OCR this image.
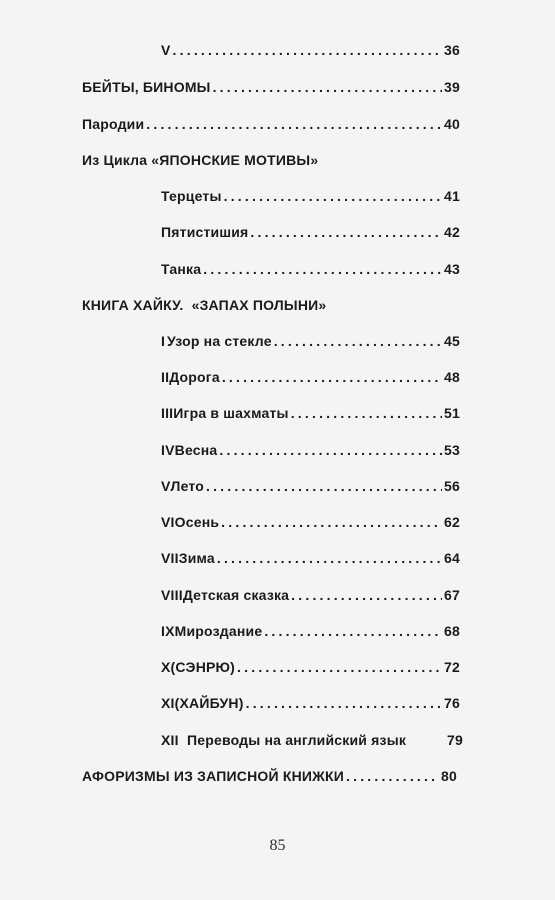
V .....	36
БЕЙТЫ, БИНОМЫ .....	39
Пародии .....	40
Из Цикла «ЯПОНСКИЕ МОТИВЫ»
Терцеты .....	41
Пятистишия .....	42
Танка .....	43
КНИГА ХАЙКУ.  «ЗАПАХ ПОЛЫНИ»
I Узор на стекле .....	45
II Дорога .....	48
III Игра в шахматы .....	51
IV Весна .....	53
V Лето .....	56
VI Осень .....	62
VII Зима .....	64
VIII Детская сказка .....	67
IX Мироздание .....	68
X (СЭНРЮ) .....	72
XI (ХАЙБУН) .....	76
XII Переводы на английский язык	79
АФОРИЗМЫ ИЗ ЗАПИСНОЙ КНИЖКИ .....	80
85
